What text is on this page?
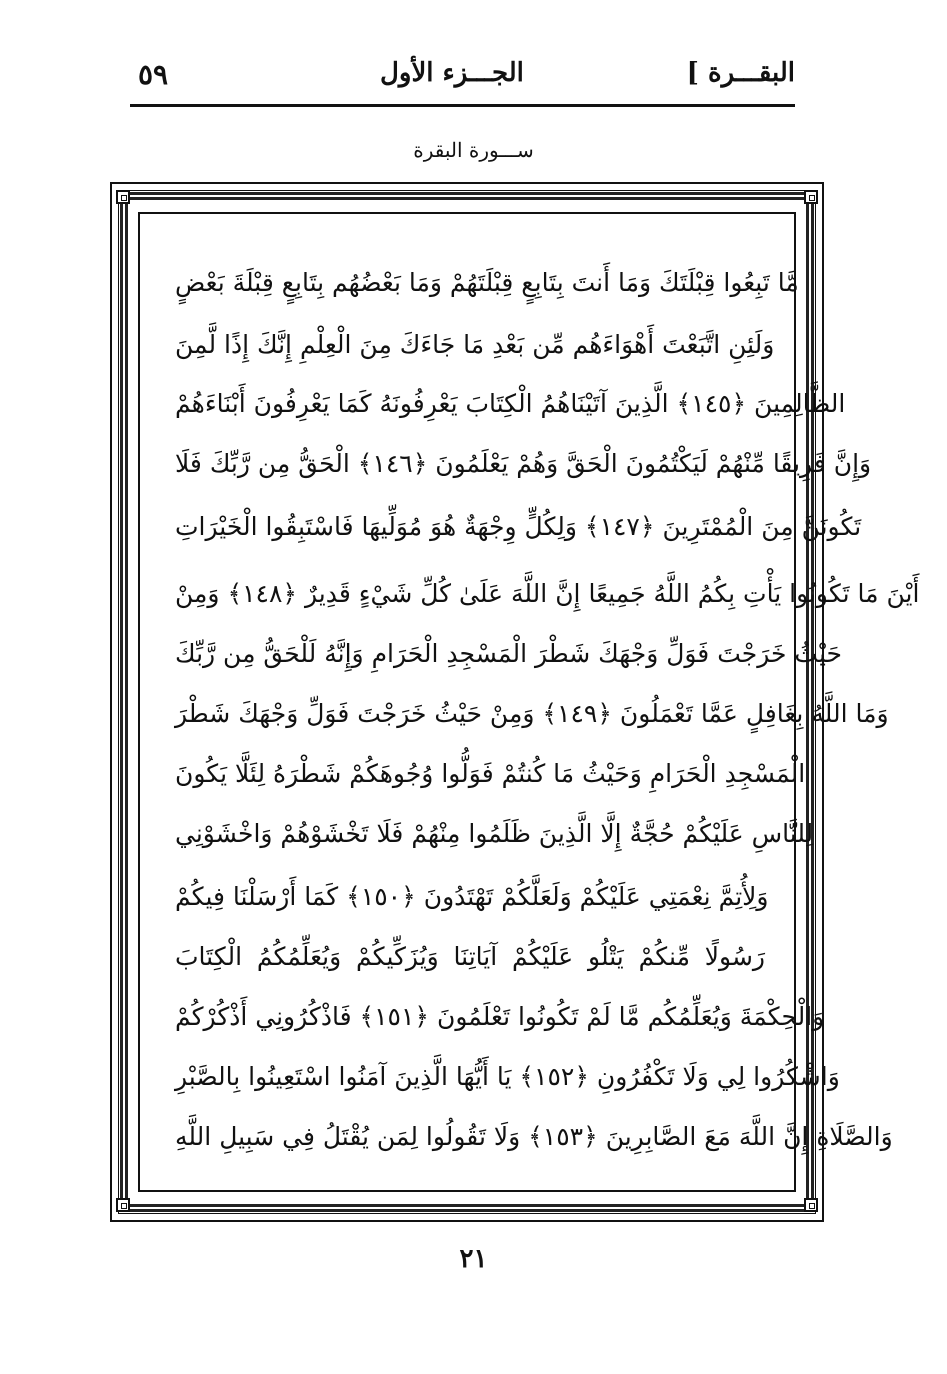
٥٩	الجـــزء الأول	البقـــرة ]
ســـورة البقرة
مَّا تَبِعُوا قِبْلَتَكَ وَمَا أَنتَ بِتَابِعٍ قِبْلَتَهُمْ وَمَا بَعْضُهُم بِتَابِعٍ قِبْلَةَ بَعْضٍ
وَلَئِنِ اتَّبَعْتَ أَهْوَاءَهُم مِّن بَعْدِ مَا جَاءَكَ مِنَ الْعِلْمِ إِنَّكَ إِذًا لَّمِنَ
الظَّالِمِينَ ﴿١٤٥﴾ الَّذِينَ آتَيْنَاهُمُ الْكِتَابَ يَعْرِفُونَهُ كَمَا يَعْرِفُونَ أَبْنَاءَهُمْ
وَإِنَّ فَرِيقًا مِّنْهُمْ لَيَكْتُمُونَ الْحَقَّ وَهُمْ يَعْلَمُونَ ﴿١٤٦﴾ الْحَقُّ مِن رَّبِّكَ فَلَا
تَكُونَنَّ مِنَ الْمُمْتَرِينَ ﴿١٤٧﴾ وَلِكُلٍّ وِجْهَةٌ هُوَ مُوَلِّيهَا فَاسْتَبِقُوا الْخَيْرَاتِ
أَيْنَ مَا تَكُونُوا يَأْتِ بِكُمُ اللَّهُ جَمِيعًا إِنَّ اللَّهَ عَلَىٰ كُلِّ شَيْءٍ قَدِيرٌ ﴿١٤٨﴾ وَمِنْ
حَيْثُ خَرَجْتَ فَوَلِّ وَجْهَكَ شَطْرَ الْمَسْجِدِ الْحَرَامِ وَإِنَّهُ لَلْحَقُّ مِن رَّبِّكَ
وَمَا اللَّهُ بِغَافِلٍ عَمَّا تَعْمَلُونَ ﴿١٤٩﴾ وَمِنْ حَيْثُ خَرَجْتَ فَوَلِّ وَجْهَكَ شَطْرَ
الْمَسْجِدِ الْحَرَامِ وَحَيْثُ مَا كُنتُمْ فَوَلُّوا وُجُوهَكُمْ شَطْرَهُ لِئَلَّا يَكُونَ
لِلنَّاسِ عَلَيْكُمْ حُجَّةٌ إِلَّا الَّذِينَ ظَلَمُوا مِنْهُمْ فَلَا تَخْشَوْهُمْ وَاخْشَوْنِي
وَلِأُتِمَّ نِعْمَتِي عَلَيْكُمْ وَلَعَلَّكُمْ تَهْتَدُونَ ﴿١٥٠﴾ كَمَا أَرْسَلْنَا فِيكُمْ
رَسُولًا مِّنكُمْ يَتْلُو عَلَيْكُمْ آيَاتِنَا وَيُزَكِّيكُمْ وَيُعَلِّمُكُمُ الْكِتَابَ
وَالْحِكْمَةَ وَيُعَلِّمُكُم مَّا لَمْ تَكُونُوا تَعْلَمُونَ ﴿١٥١﴾ فَاذْكُرُونِي أَذْكُرْكُمْ
وَاشْكُرُوا لِي وَلَا تَكْفُرُونِ ﴿١٥٢﴾ يَا أَيُّهَا الَّذِينَ آمَنُوا اسْتَعِينُوا بِالصَّبْرِ
وَالصَّلَاةِ إِنَّ اللَّهَ مَعَ الصَّابِرِينَ ﴿١٥٣﴾ وَلَا تَقُولُوا لِمَن يُقْتَلُ فِي سَبِيلِ اللَّهِ
٢١
